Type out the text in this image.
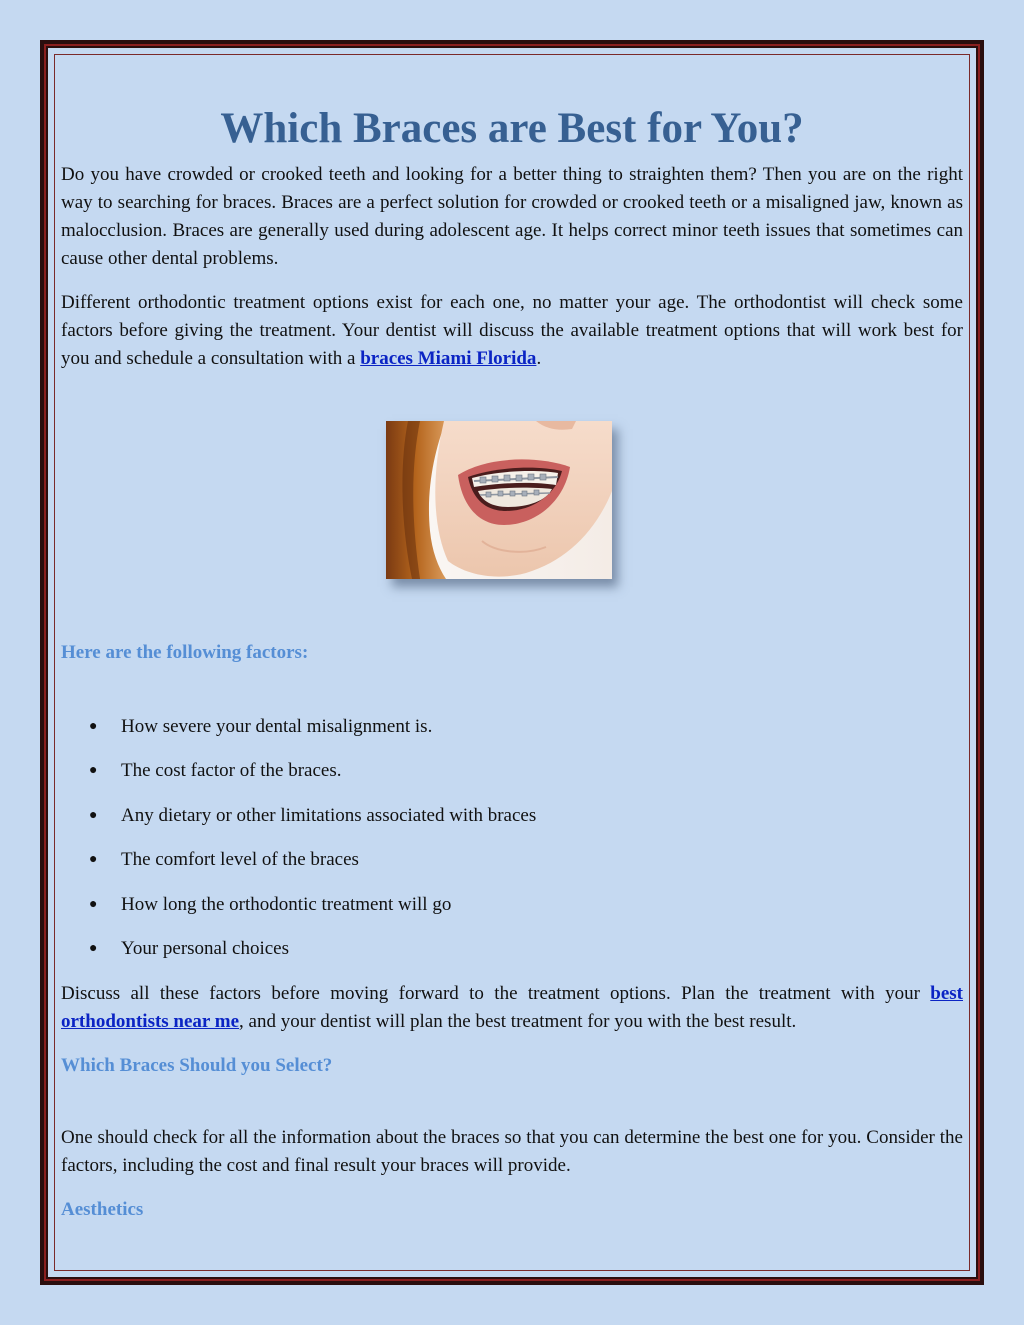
Which Braces are Best for You?

Do you have crowded or crooked teeth and looking for a better thing to straighten them? Then you are on the right way to searching for braces. Braces are a perfect solution for crowded or crooked teeth or a misaligned jaw, known as malocclusion. Braces are generally used during adolescent age. It helps correct minor teeth issues that sometimes can cause other dental problems.

Different orthodontic treatment options exist for each one, no matter your age. The orthodontist will check some factors before giving the treatment. Your dentist will discuss the available treatment options that will work best for you and schedule a consultation with a braces Miami Florida.

Here are the following factors:
● How severe your dental misalignment is.
● The cost factor of the braces.
● Any dietary or other limitations associated with braces
● The comfort level of the braces
● How long the orthodontic treatment will go
● Your personal choices

Discuss all these factors before moving forward to the treatment options. Plan the treatment with your best orthodontists near me, and your dentist will plan the best treatment for you with the best result.

Which Braces Should you Select?

One should check for all the information about the braces so that you can determine the best one for you. Consider the factors, including the cost and final result your braces will provide.

Aesthetics
